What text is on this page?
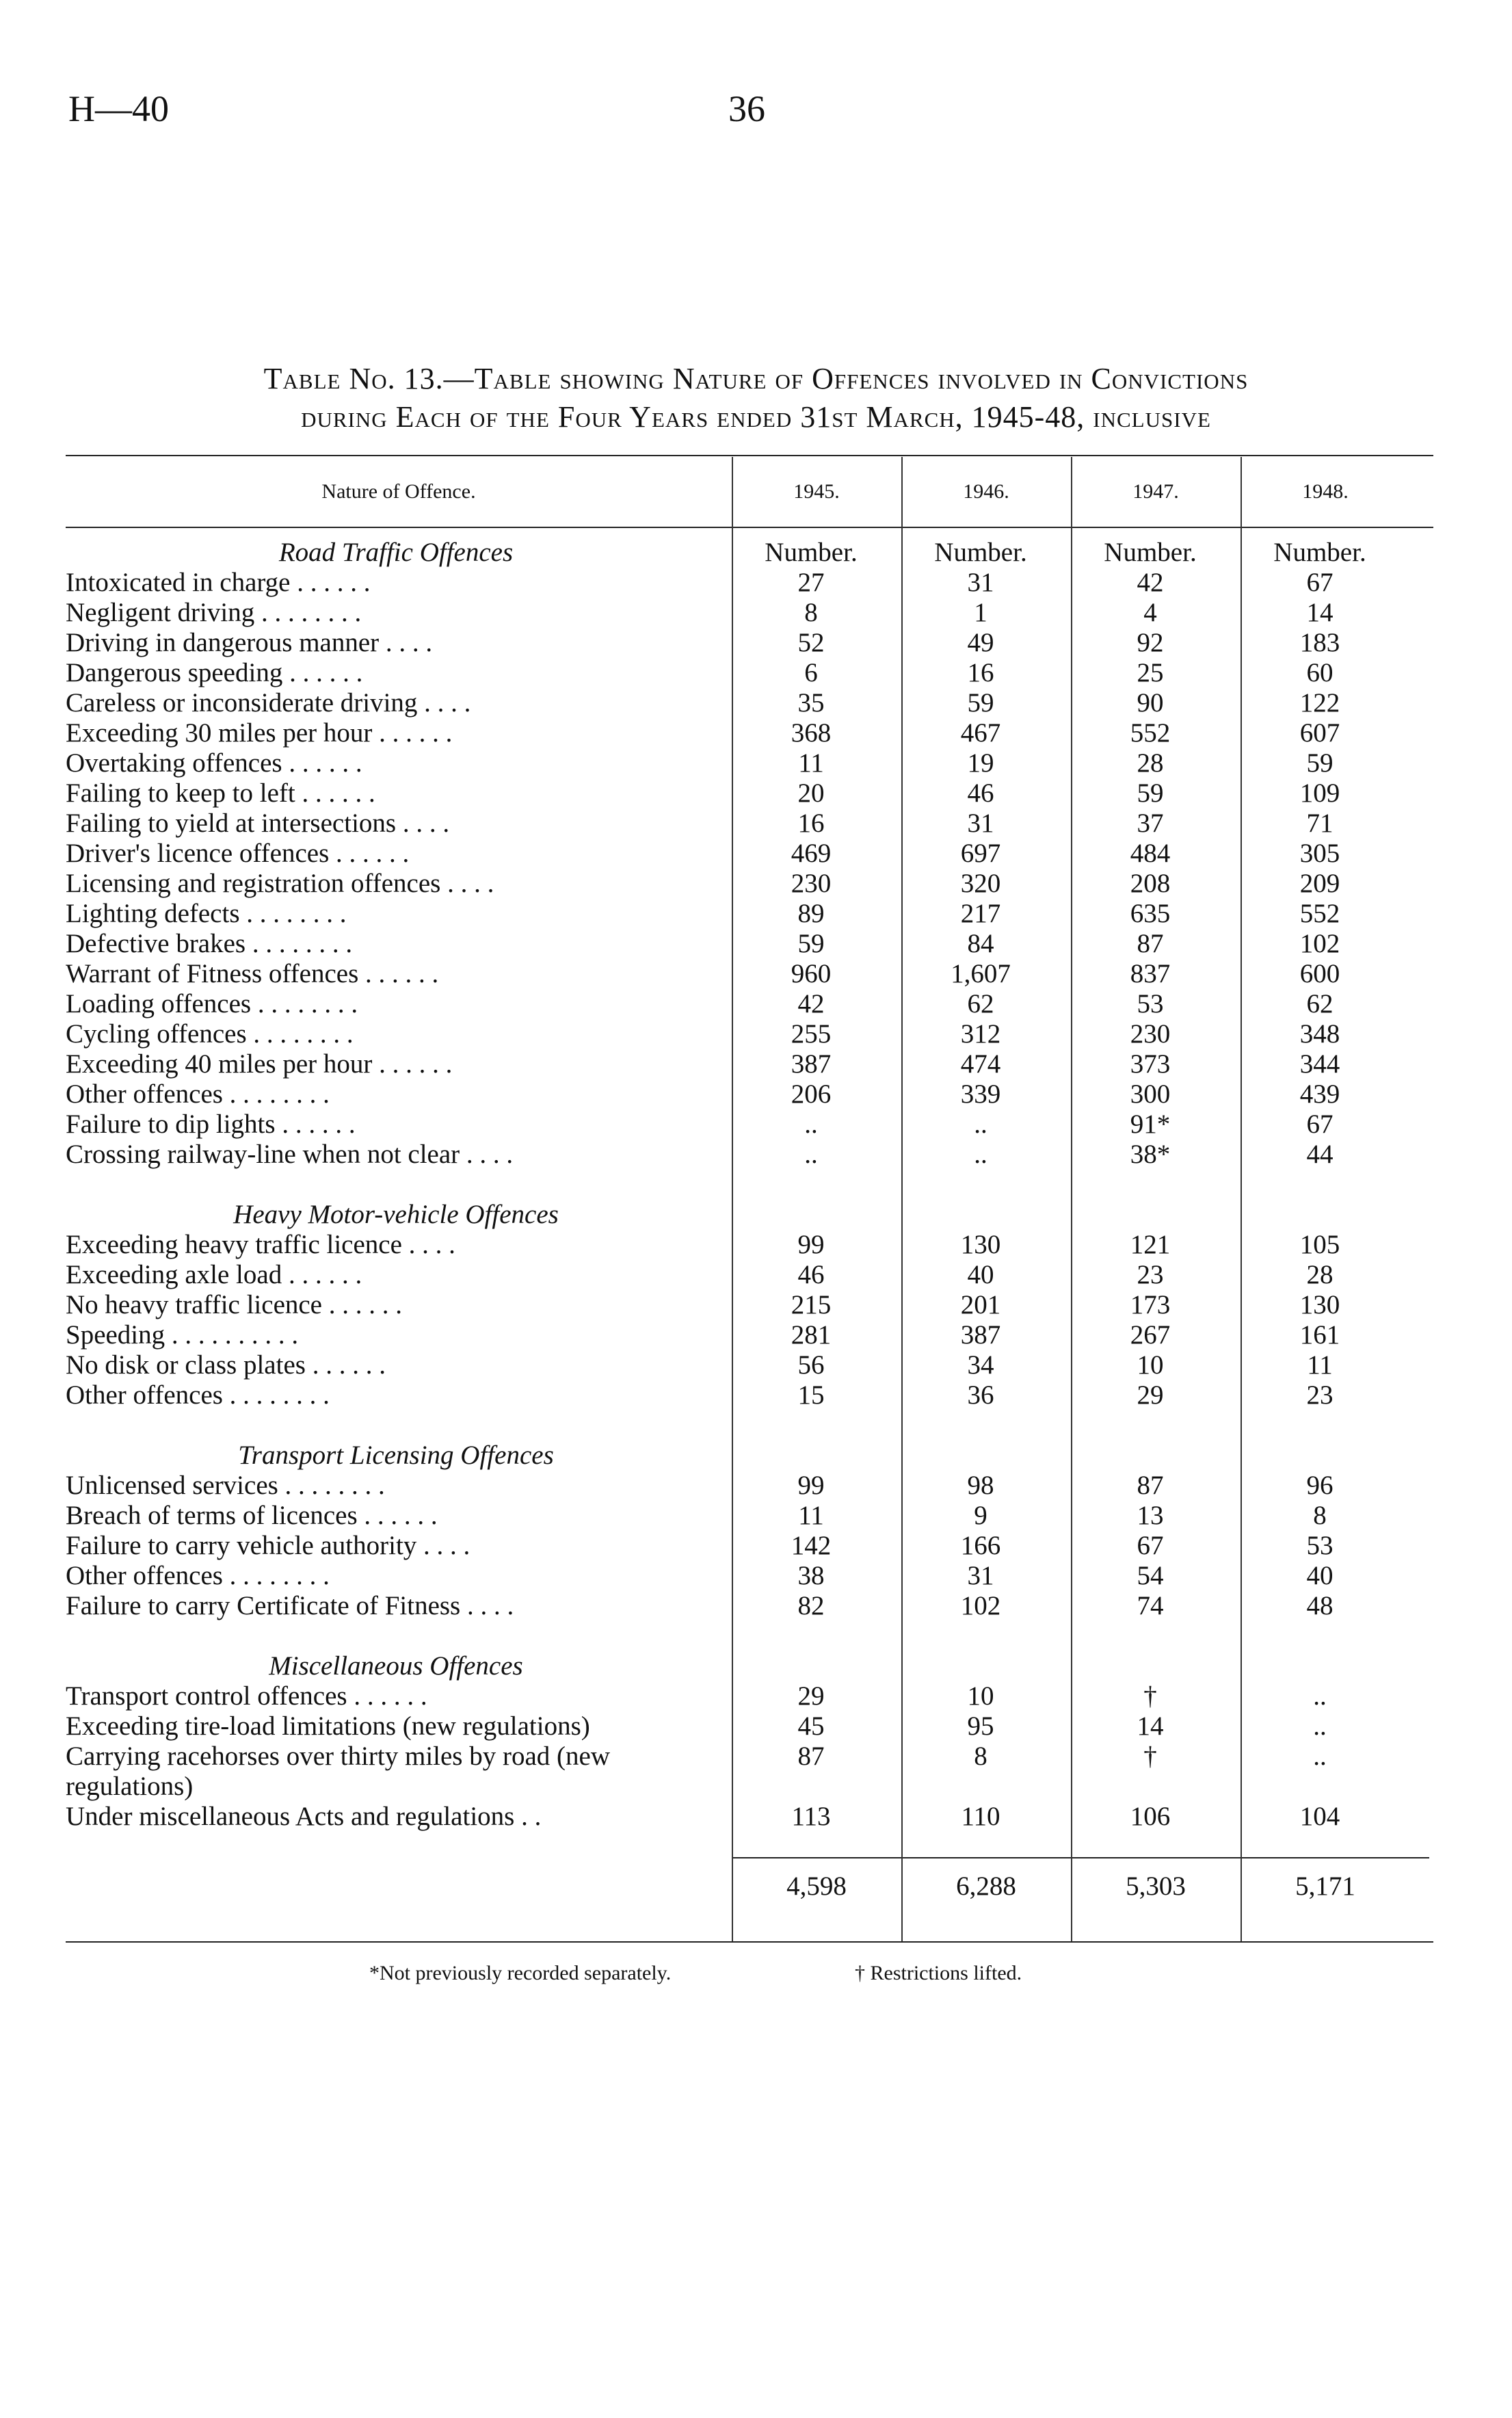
H—40	36
Table No. 13.—Table showing Nature of Offences involved in Convictions
during Each of the Four Years ended 31st March, 1945-48, inclusive
Nature of Offence.	1945.	1946.	1947.	1948.
Road Traffic Offences	Number.	Number.	Number.	Number.
Intoxicated in charge . . . . . .	27	31	42	67
Negligent driving . . . . . . . .	8	1	4	14
Driving in dangerous manner . . . .	52	49	92	183
Dangerous speeding . . . . . .	6	16	25	60
Careless or inconsiderate driving . . . .	35	59	90	122
Exceeding 30 miles per hour . . . . . .	368	467	552	607
Overtaking offences . . . . . .	11	19	28	59
Failing to keep to left . . . . . .	20	46	59	109
Failing to yield at intersections . . . .	16	31	37	71
Driver's licence offences . . . . . .	469	697	484	305
Licensing and registration offences . . . .	230	320	208	209
Lighting defects . . . . . . . .	89	217	635	552
Defective brakes . . . . . . . .	59	84	87	102
Warrant of Fitness offences . . . . . .	960	1,607	837	600
Loading offences . . . . . . . .	42	62	53	62
Cycling offences . . . . . . . .	255	312	230	348
Exceeding 40 miles per hour . . . . . .	387	474	373	344
Other offences . . . . . . . .	206	339	300	439
Failure to dip lights . . . . . .	..	..	91*	67
Crossing railway-line when not clear . . . .	..	..	38*	44

Heavy Motor-vehicle Offences				
Exceeding heavy traffic licence . . . .	99	130	121	105
Exceeding axle load . . . . . .	46	40	23	28
No heavy traffic licence . . . . . .	215	201	173	130
Speeding . . . . . . . . . .	281	387	267	161
No disk or class plates . . . . . .	56	34	10	11
Other offences . . . . . . . .	15	36	29	23

Transport Licensing Offences				
Unlicensed services . . . . . . . .	99	98	87	96
Breach of terms of licences . . . . . .	11	9	13	8
Failure to carry vehicle authority . . . .	142	166	67	53
Other offences . . . . . . . .	38	31	54	40
Failure to carry Certificate of Fitness . . . .	82	102	74	48

Miscellaneous Offences				
Transport control offences . . . . . .	29	10	†	..
Exceeding tire-load limitations (new regulations)	45	95	14	..
Carrying racehorses over thirty miles by road (new regulations)	87	8	†	..
Under miscellaneous Acts and regulations . .	113	110	106	104
4,598	6,288	5,303	5,171
*Not previously recorded separately.	† Restrictions lifted.
